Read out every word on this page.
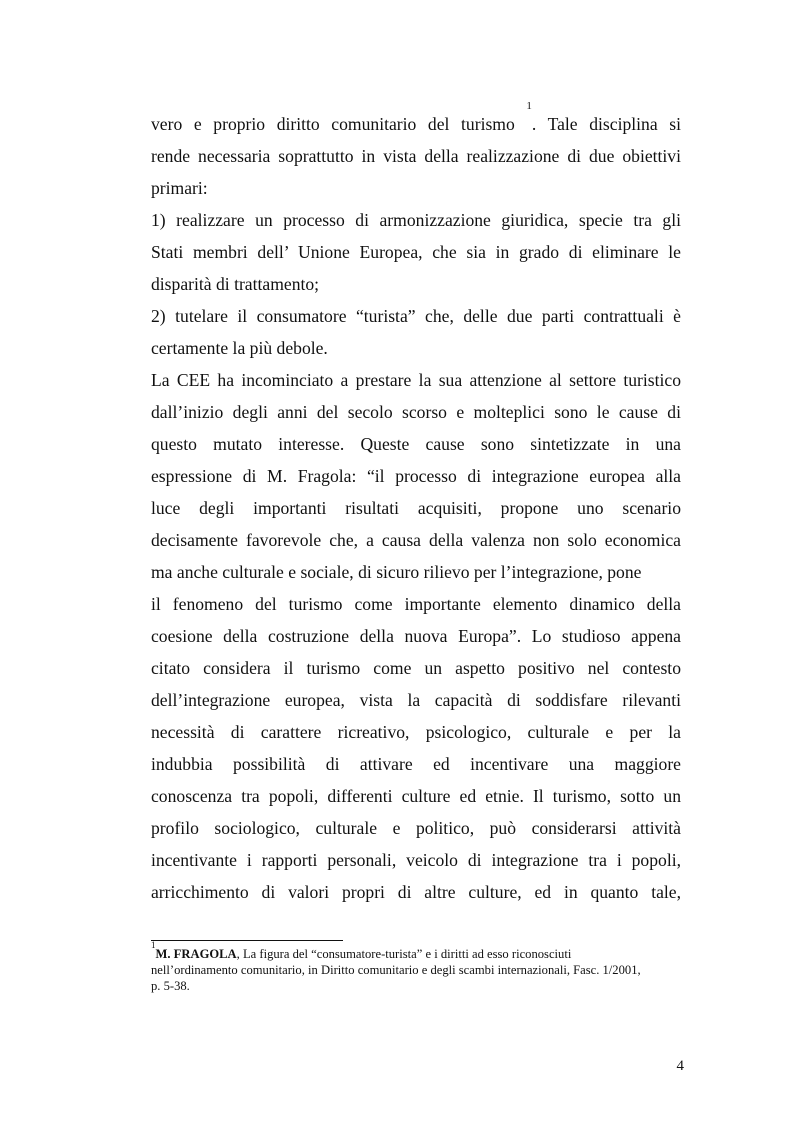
vero e proprio diritto comunitario del turismo $^1$. Tale disciplina si
rende necessaria soprattutto in vista della realizzazione di due obiettivi
primari:
1) realizzare un processo di armonizzazione giuridica, specie tra gli
Stati membri dell’ Unione Europea, che sia in grado di eliminare le
disparità di trattamento;
2) tutelare il consumatore “turista” che, delle due parti contrattuali è
certamente la più debole.
La CEE ha incominciato a prestare la sua attenzione al settore turistico
dall’inizio degli anni del secolo scorso e molteplici sono le cause di
questo mutato interesse. Queste cause sono sintetizzate in una
espressione di M. Fragola: “il processo di integrazione europea alla
luce degli importanti risultati acquisiti, propone uno scenario
decisamente favorevole che, a causa della valenza non solo economica
ma anche culturale e sociale, di sicuro rilievo per l’integrazione, pone
il fenomeno del turismo come importante elemento dinamico della
coesione della costruzione della nuova Europa”. Lo studioso appena
citato considera il turismo come un aspetto positivo nel contesto
dell’integrazione europea, vista la capacità di soddisfare rilevanti
necessità di carattere ricreativo, psicologico, culturale e per la
indubbia possibilità di attivare ed incentivare una maggiore
conoscenza tra popoli, differenti culture ed etnie. Il turismo, sotto un
profilo sociologico, culturale e politico, può considerarsi attività
incentivante i rapporti personali, veicolo di integrazione tra i popoli,
arricchimento di valori propri di altre culture, ed in quanto tale,
$^1$M. FRAGOLA, La figura del “consumatore-turista” e i diritti ad esso riconosciuti
nell’ordinamento comunitario, in Diritto comunitario e degli scambi internazionali, Fasc. 1/2001,
p. 5-38.
4
